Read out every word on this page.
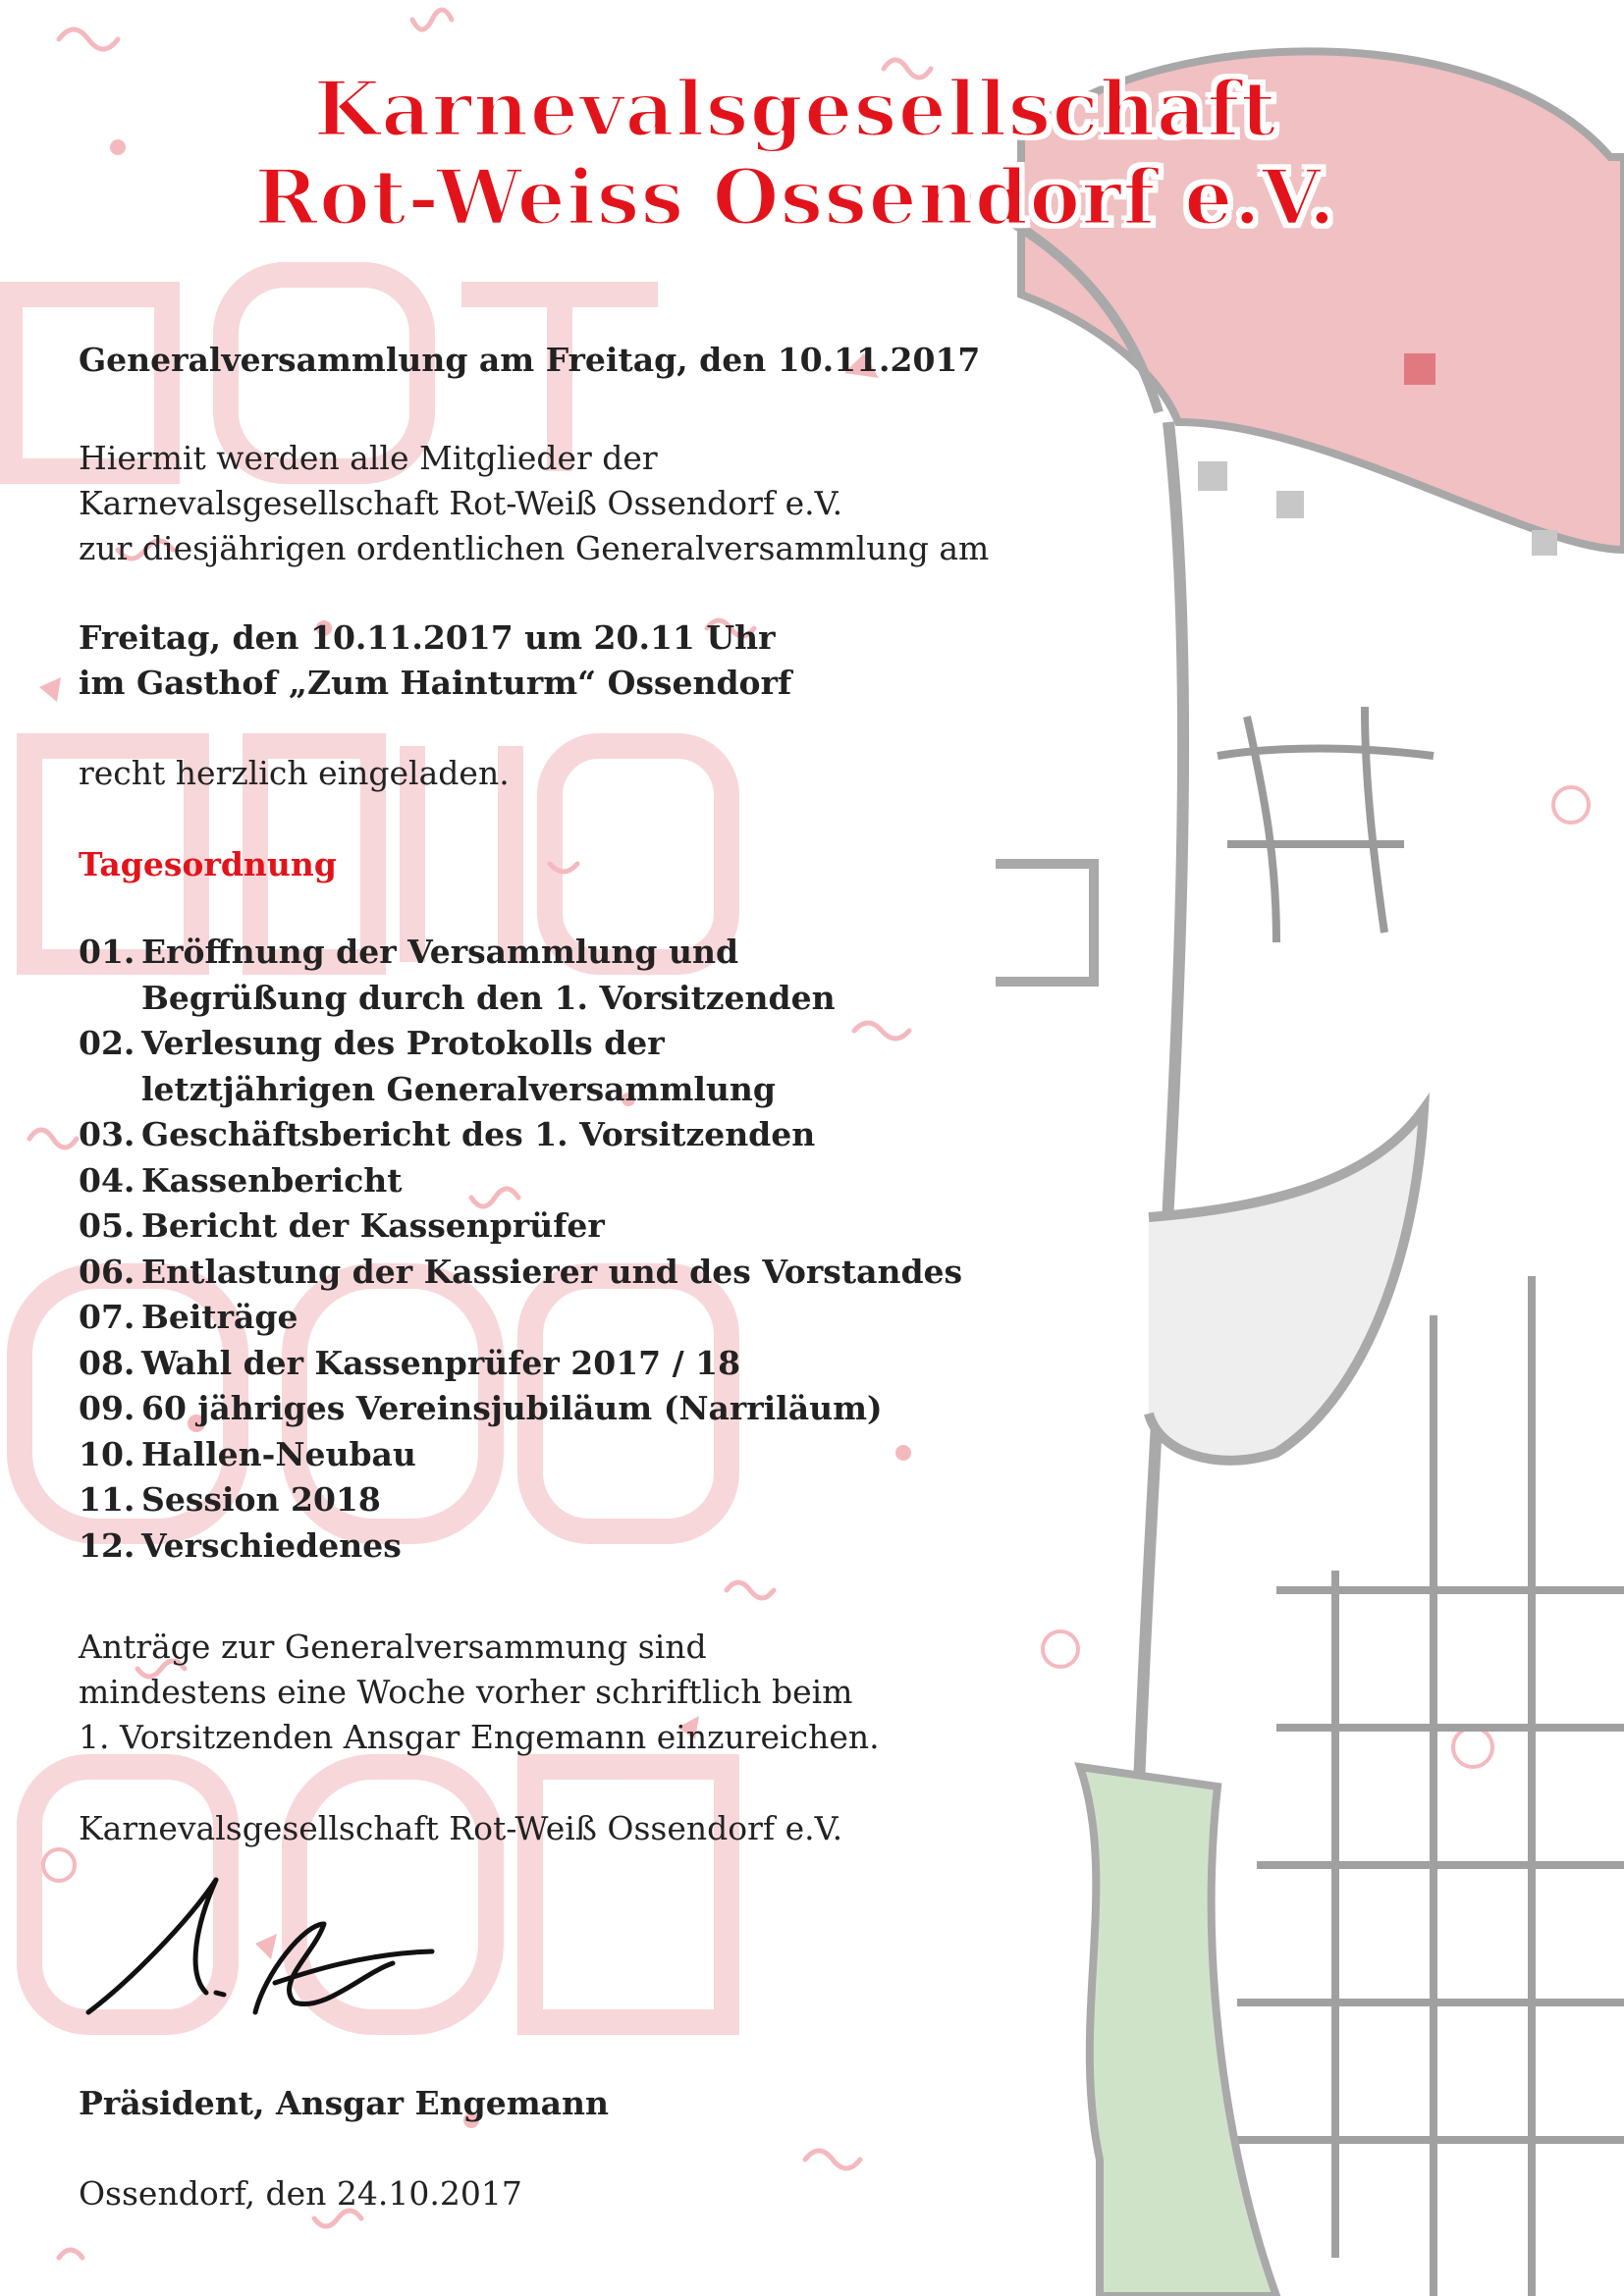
Karnevalsgesellschaft
Rot-Weiss Ossendorf e.V.
Generalversammlung am Freitag, den 10.11.2017
Hiermit werden alle Mitglieder der
Karnevalsgesellschaft Rot-Weiß Ossendorf e.V.
zur diesjährigen ordentlichen Generalversammlung am
Freitag, den 10.11.2017 um 20.11 Uhr
im Gasthof „Zum Hainturm“ Ossendorf
recht herzlich eingeladen.
Tagesordnung
01. Eröffnung der Versammlung und
Begrüßung durch den 1. Vorsitzenden
02. Verlesung des Protokolls der
letztjährigen Generalversammlung
03. Geschäftsbericht des 1. Vorsitzenden
04. Kassenbericht
05. Bericht der Kassenprüfer
06. Entlastung der Kassierer und des Vorstandes
07. Beiträge
08. Wahl der Kassenprüfer 2017 / 18
09. 60 jähriges Vereinsjubiläum (Narriläum)
10. Hallen-Neubau
11. Session 2018
12. Verschiedenes
Anträge zur Generalversammung sind
mindestens eine Woche vorher schriftlich beim
1. Vorsitzenden Ansgar Engemann einzureichen.
Karnevalsgesellschaft Rot-Weiß Ossendorf e.V.
Präsident, Ansgar Engemann
Ossendorf, den 24.10.2017
